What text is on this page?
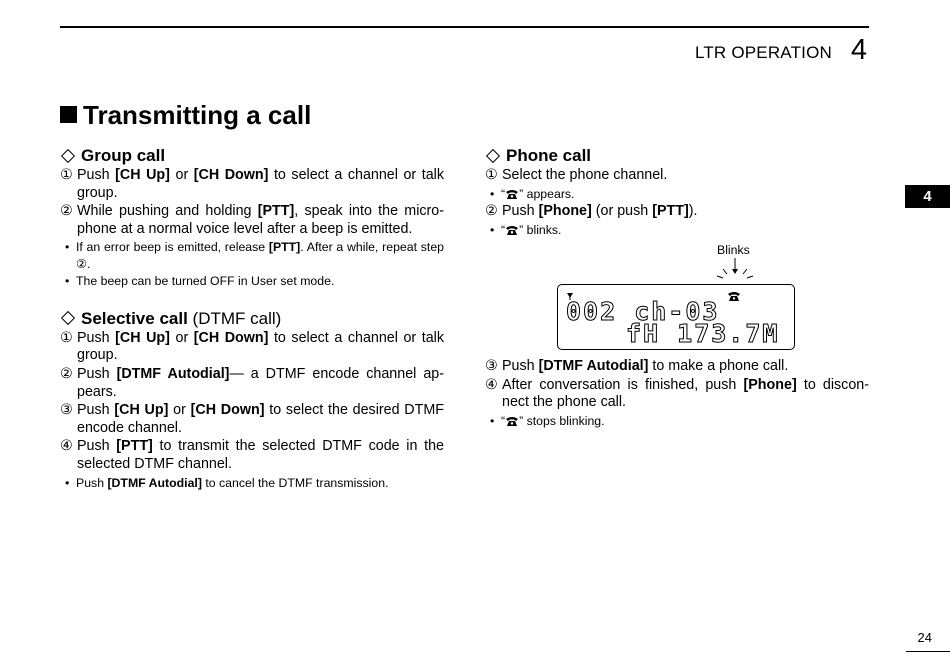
LTR OPERATION 4
4
Transmitting a call
Group call
① Push [CH Up] or [CH Down] to select a channel or talk group.
② While pushing and holding [PTT], speak into the micro-phone at a normal voice level after a beep is emitted.
• If an error beep is emitted, release [PTT]. After a while, repeat step ②.
• The beep can be turned OFF in User set mode.
Selective call (DTMF call)
① Push [CH Up] or [CH Down] to select a channel or talk group.
② Push [DTMF Autodial]— a DTMF encode channel ap-pears.
③ Push [CH Up] or [CH Down] to select the desired DTMF encode channel.
④ Push [PTT] to transmit the selected DTMF code in the selected DTMF channel.
• Push [DTMF Autodial] to cancel the DTMF transmission.
Phone call
① Select the phone channel.
• “ ” appears.
② Push [Phone] (or push [PTT]).
• “ ” blinks.
Blinks
002 ch-03
fH 173.7M
③ Push [DTMF Autodial] to make a phone call.
④ After conversation is finished, push [Phone] to discon-nect the phone call.
• “ ” stops blinking.
24
